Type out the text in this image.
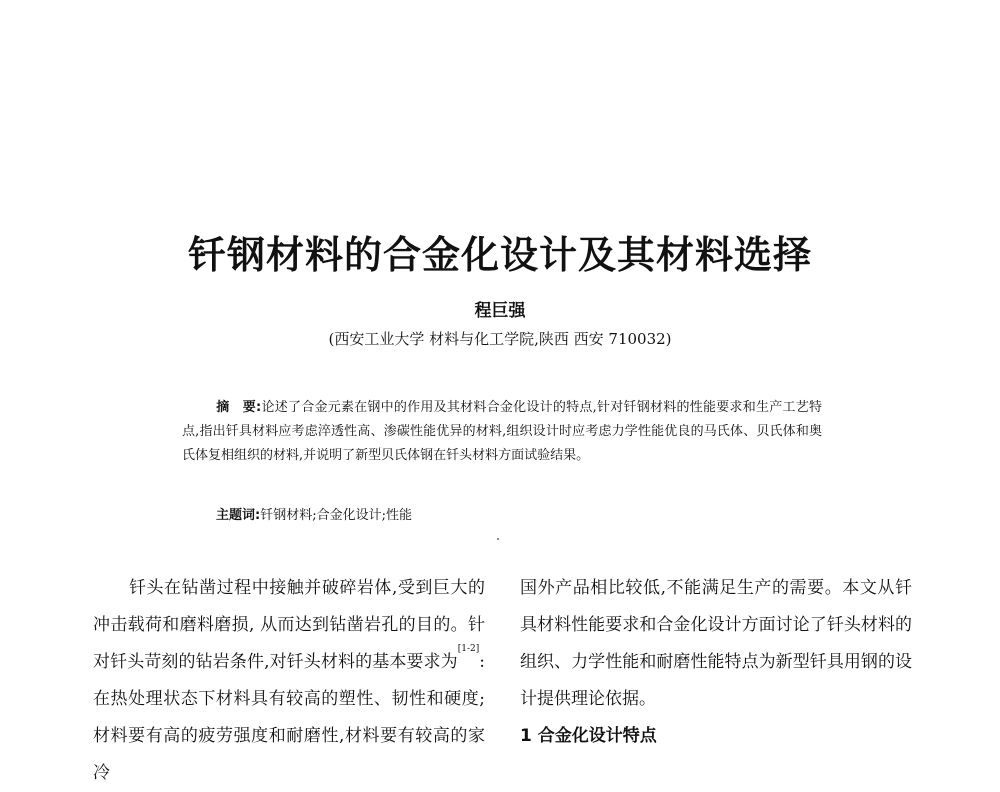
钎钢材料的合金化设计及其材料选择
程巨强
(西安工业大学 材料与化工学院,陕西 西安 710032)
摘　要:论述了合金元素在钢中的作用及其材料合金化设计的特点,针对钎钢材料的性能要求和生产工艺特点,指出钎具材料应考虑淬透性高、渗碳性能优异的材料,组织设计时应考虑力学性能优良的马氏体、贝氏体和奥氏体复相组织的材料,并说明了新型贝氏体钢在钎头材料方面试验结果。
主题词:钎钢材料;合金化设计;性能

钎头在钻凿过程中接触并破碎岩体,受到巨大的冲击载荷和磨料磨损, 从而达到钻凿岩孔的目的。针对钎头苛刻的钻岩条件,对钎头材料的基本要求为[1-2]:在热处理状态下材料具有较高的塑性、韧性和硬度;材料要有高的疲劳强度和耐磨性,材料要有较高的家冷

国外产品相比较低,不能满足生产的需要。本文从钎具材料性能要求和合金化设计方面讨论了钎头材料的组织、力学性能和耐磨性能特点为新型钎具用钢的设计提供理论依据。

1 合金化设计特点
